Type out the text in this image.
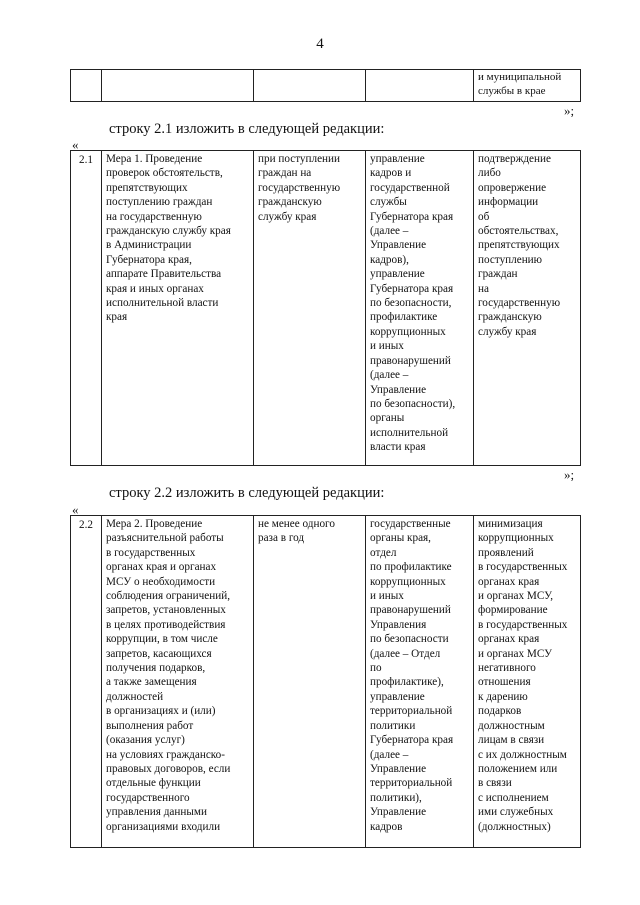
4
				и муниципальной
службы в крае
»;
строку 2.1 изложить в следующей редакции:
«
2.1	Мера 1. Проведение
проверок обстоятельств,
препятствующих
поступлению граждан
на государственную
гражданскую службу края
в Администрации
Губернатора края,
аппарате Правительства
края и иных органах
исполнительной власти
края	при поступлении
граждан на
государственную
гражданскую
службу края	управление
кадров и
государственной
службы
Губернатора края
(далее –
Управление
кадров),
управление
Губернатора края
по безопасности,
профилактике
коррупционных
и иных
правонарушений
(далее –
Управление
по безопасности),
органы
исполнительной
власти края	подтверждение
либо
опровержение
информации
об
обстоятельствах,
препятствующих
поступлению
граждан
на
государственную
гражданскую
службу края
»;
строку 2.2 изложить в следующей редакции:
«
2.2	Мера 2. Проведение
разъяснительной работы
в государственных
органах края и органах
МСУ о необходимости
соблюдения ограничений,
запретов, установленных
в целях противодействия
коррупции, в том числе
запретов, касающихся
получения подарков,
а также замещения
должностей
в организациях и (или)
выполнения работ
(оказания услуг)
на условиях гражданско-
правовых договоров, если
отдельные функции
государственного
управления данными
организациями входили	не менее одного
раза в год	государственные
органы края,
отдел
по профилактике
коррупционных
и иных
правонарушений
Управления
по безопасности
(далее – Отдел
по
профилактике),
управление
территориальной
политики
Губернатора края
(далее –
Управление
территориальной
политики),
Управление
кадров	минимизация
коррупционных
проявлений
в государственных
органах края
и органах МСУ,
формирование
в государственных
органах края
и органах МСУ
негативного
отношения
к дарению
подарков
должностным
лицам в связи
с их должностным
положением или
в связи
с исполнением
ими служебных
(должностных)
